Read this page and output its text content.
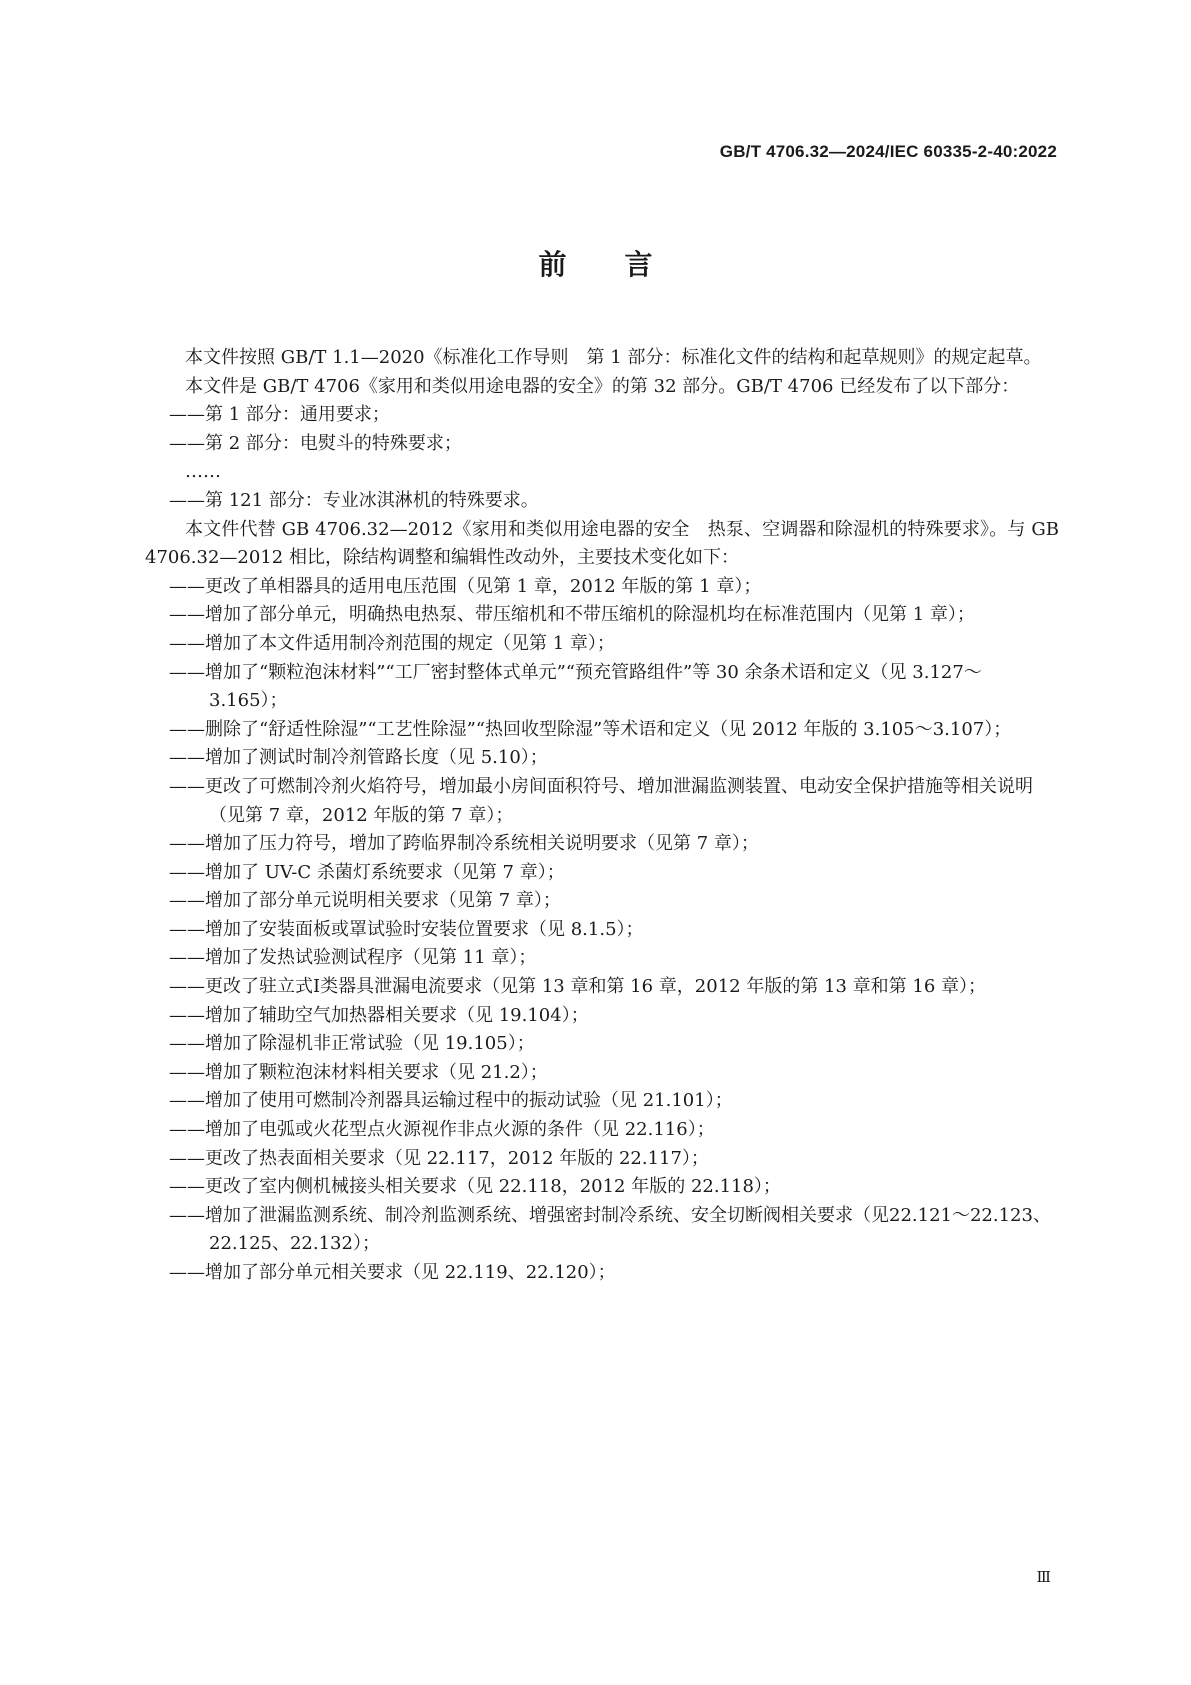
GB/T 4706.32—2024/IEC 60335-2-40:2022
前言

本文件按照 GB/T 1.1—2020《标准化工作导则　第 1 部分：标准化文件的结构和起草规则》的规定起草。

本文件是 GB/T 4706《家用和类似用途电器的安全》的第 32 部分。GB/T 4706 已经发布了以下部分：

——第 1 部分：通用要求；
——第 2 部分：电熨斗的特殊要求；

……

——第 121 部分：专业冰淇淋机的特殊要求。

本文件代替 GB 4706.32—2012《家用和类似用途电器的安全　热泵、空调器和除湿机的特殊要求》。与 GB 4706.32—2012 相比，除结构调整和编辑性改动外，主要技术变化如下：

——更改了单相器具的适用电压范围（见第 1 章，2012 年版的第 1 章）；
——增加了部分单元，明确热电热泵、带压缩机和不带压缩机的除湿机均在标准范围内（见第 1 章）；
——增加了本文件适用制冷剂范围的规定（见第 1 章）；
——增加了“颗粒泡沫材料”“工厂密封整体式单元”“预充管路组件”等 30 余条术语和定义（见 3.127～3.165）；
——删除了“舒适性除湿”“工艺性除湿”“热回收型除湿”等术语和定义（见 2012 年版的 3.105～3.107）；
——增加了测试时制冷剂管路长度（见 5.10）；
——更改了可燃制冷剂火焰符号，增加最小房间面积符号、增加泄漏监测装置、电动安全保护措施等相关说明（见第 7 章，2012 年版的第 7 章）；
——增加了压力符号，增加了跨临界制冷系统相关说明要求（见第 7 章）；
——增加了 UV-C 杀菌灯系统要求（见第 7 章）；
——增加了部分单元说明相关要求（见第 7 章）；
——增加了安装面板或罩试验时安装位置要求（见 8.1.5）；
——增加了发热试验测试程序（见第 11 章）；
——更改了驻立式Ⅰ类器具泄漏电流要求（见第 13 章和第 16 章，2012 年版的第 13 章和第 16 章）；
——增加了辅助空气加热器相关要求（见 19.104）；
——增加了除湿机非正常试验（见 19.105）；
——增加了颗粒泡沫材料相关要求（见 21.2）；
——增加了使用可燃制冷剂器具运输过程中的振动试验（见 21.101）；
——增加了电弧或火花型点火源视作非点火源的条件（见 22.116）；
——更改了热表面相关要求（见 22.117，2012 年版的 22.117）；
——更改了室内侧机械接头相关要求（见 22.118，2012 年版的 22.118）；
——增加了泄漏监测系统、制冷剂监测系统、增强密封制冷系统、安全切断阀相关要求（见22.121～22.123、22.125、22.132）；
——增加了部分单元相关要求（见 22.119、22.120）；
Ⅲ
